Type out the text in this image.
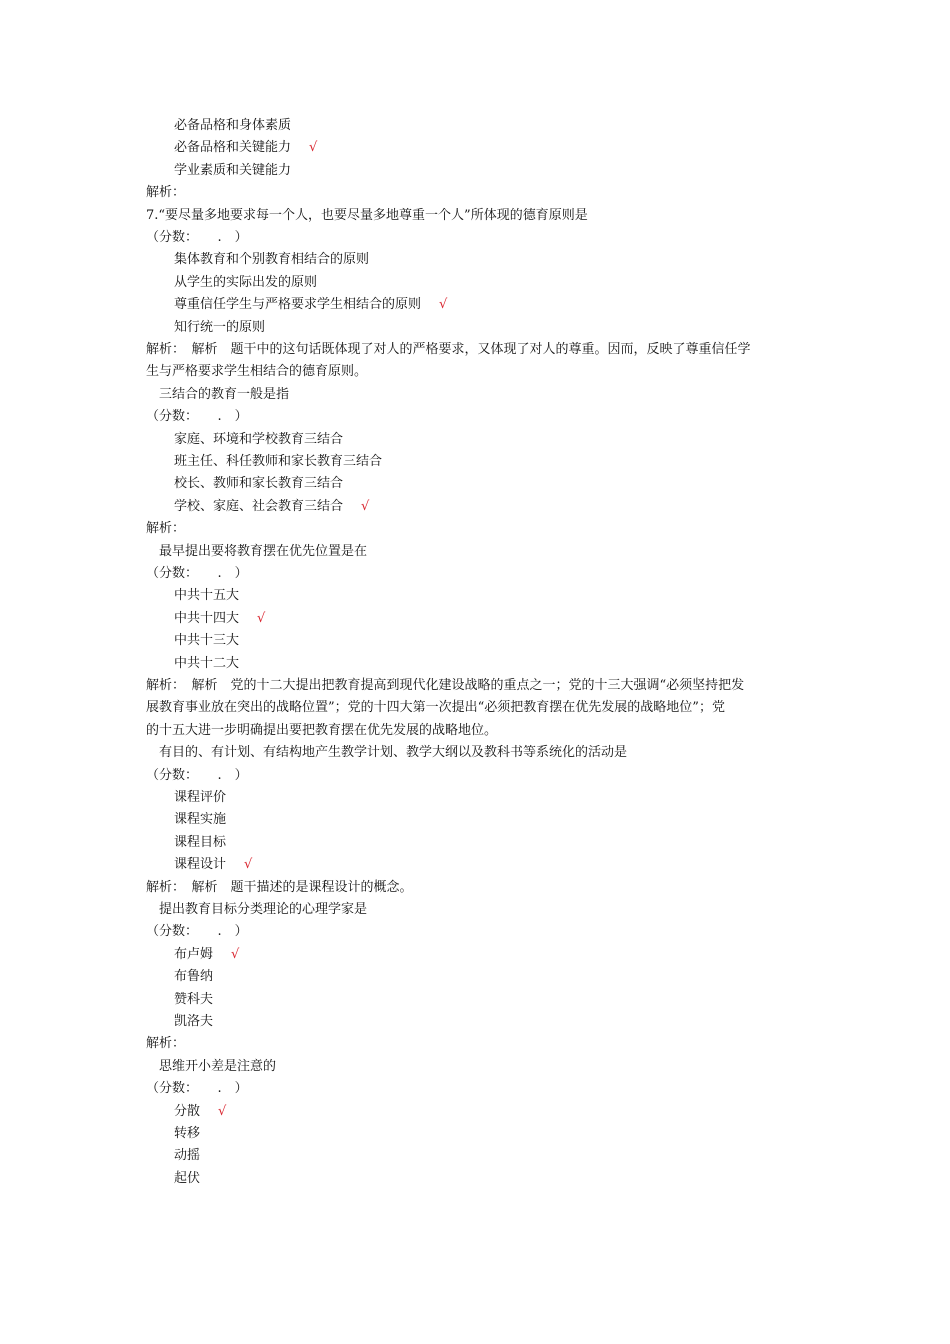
必备品格和身体素质
必备品格和关键能力 √
学业素质和关键能力
解析：
7.“要尽量多地要求每一个人，也要尽量多地尊重一个人”所体现的德育原则是
（分数：　　.　）
集体教育和个别教育相结合的原则
从学生的实际出发的原则
尊重信任学生与严格要求学生相结合的原则 √
知行统一的原则
解析：　解析　题干中的这句话既体现了对人的严格要求，又体现了对人的尊重。因而，反映了尊重信任学
生与严格要求学生相结合的德育原则。
　三结合的教育一般是指
（分数：　　.　）
家庭、环境和学校教育三结合
班主任、科任教师和家长教育三结合
校长、教师和家长教育三结合
学校、家庭、社会教育三结合 √
解析：
　最早提出要将教育摆在优先位置是在
（分数：　　.　）
中共十五大
中共十四大 √
中共十三大
中共十二大
解析：　解析　党的十二大提出把教育提高到现代化建设战略的重点之一；党的十三大强调“必须坚持把发
展教育事业放在突出的战略位置”；党的十四大第一次提出“必须把教育摆在优先发展的战略地位”；党
的十五大进一步明确提出要把教育摆在优先发展的战略地位。
　有目的、有计划、有结构地产生教学计划、教学大纲以及教科书等系统化的活动是
（分数：　　.　）
课程评价
课程实施
课程目标
课程设计 √
解析：　解析　题干描述的是课程设计的概念。
　提出教育目标分类理论的心理学家是
（分数：　　.　）
布卢姆 √
布鲁纳
赞科夫
凯洛夫
解析：
　思维开小差是注意的
（分数：　　.　）
分散 √
转移
动摇
起伏
